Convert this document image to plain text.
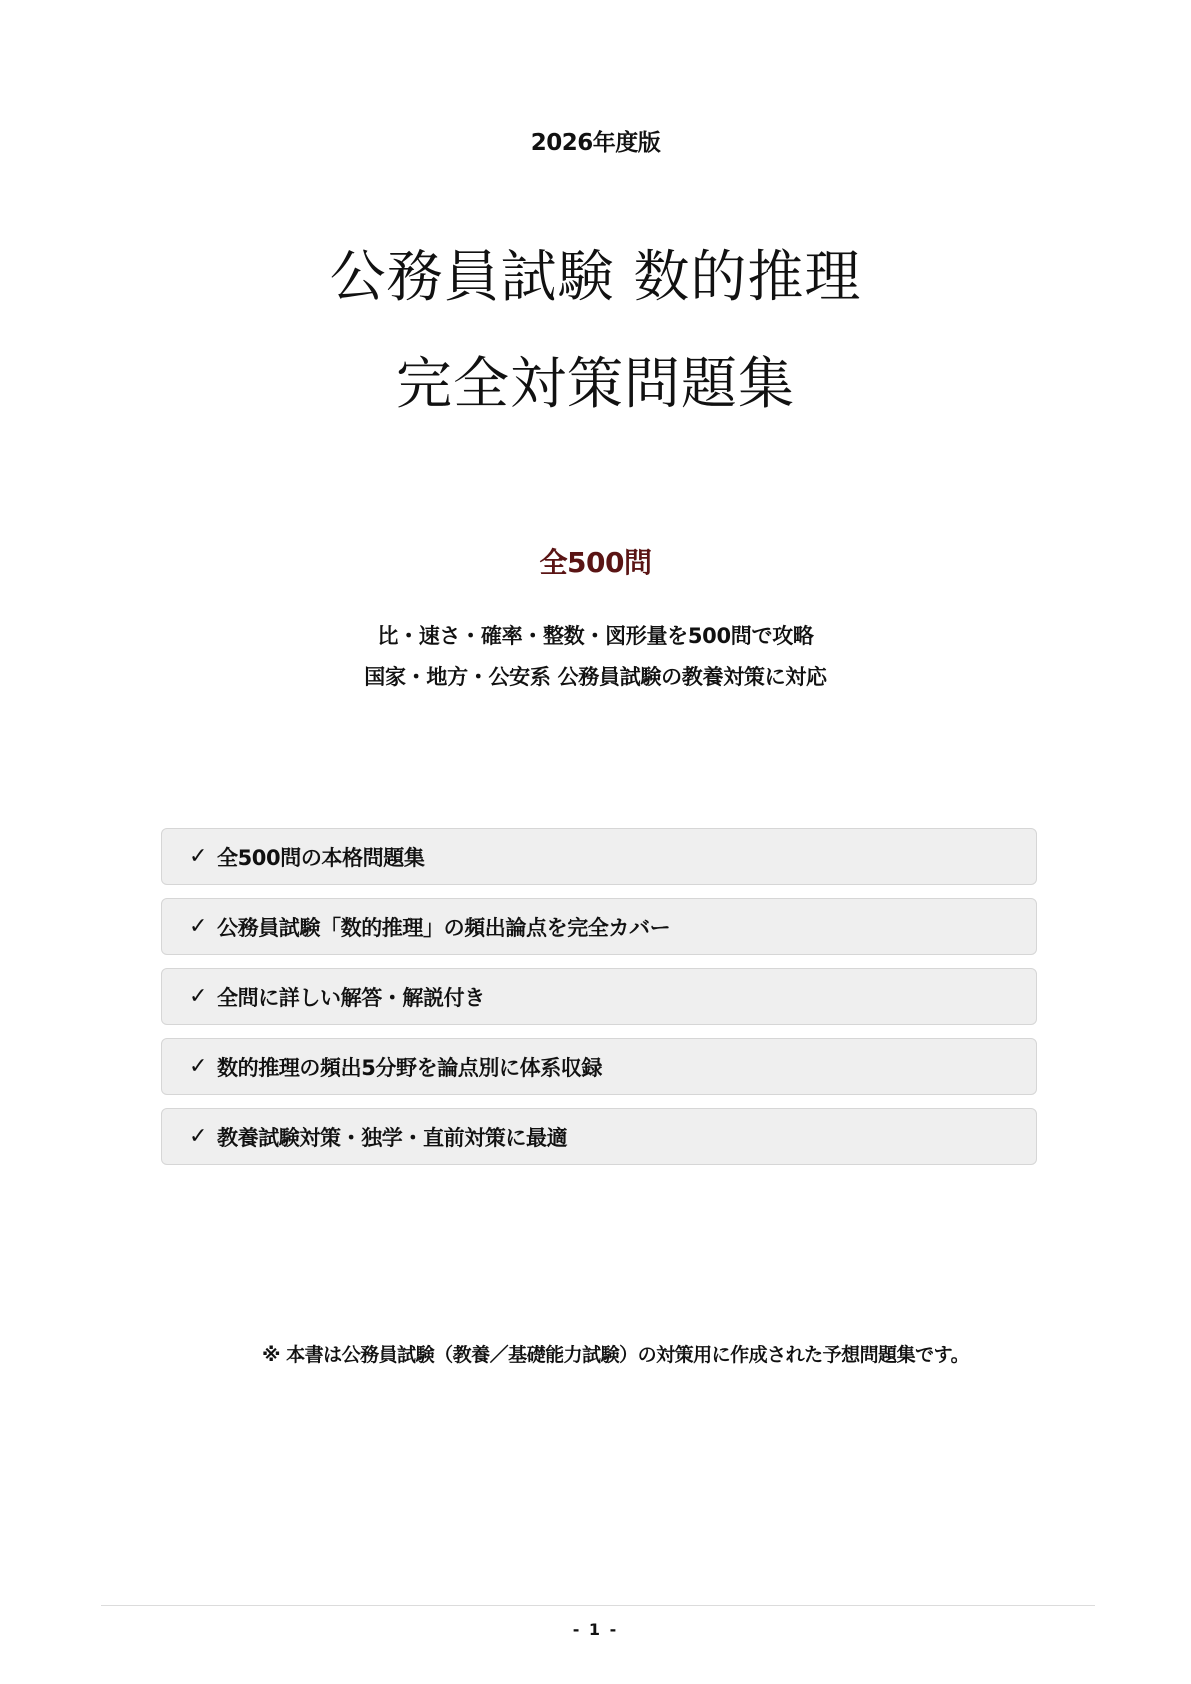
2026年度版
公務員試験 数的推理
完全対策問題集
全500問
比・速さ・確率・整数・図形量を500問で攻略
国家・地方・公安系 公務員試験の教養対策に対応
✓ 全500問の本格問題集
✓ 公務員試験「数的推理」の頻出論点を完全カバー
✓ 全問に詳しい解答・解説付き
✓ 数的推理の頻出5分野を論点別に体系収録
✓ 教養試験対策・独学・直前対策に最適
※ 本書は公務員試験（教養／基礎能力試験）の対策用に作成された予想問題集です。
- 1 -
